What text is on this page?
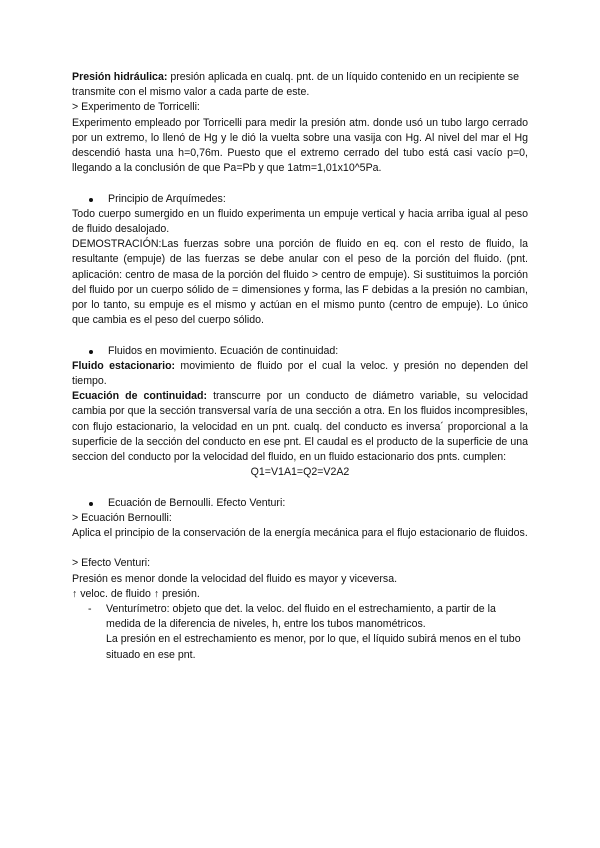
Presión hidráulica: presión aplicada en cualq. pnt. de un líquido contenido en un recipiente se transmite con el mismo valor a cada parte de este.

> Experimento de Torricelli:

Experimento empleado por Torricelli para medir la presión atm. donde usó un tubo largo cerrado por un extremo, lo llenó de Hg y le dió la vuelta sobre una vasija con Hg. Al nivel del mar el Hg descendió hasta una h=0,76m. Puesto que el extremo cerrado del tubo está casi vacío p=0, llegando a la conclusión de que Pa=Pb y que 1atm=1,01x10^5Pa.

Principio de Arquímedes:

Todo cuerpo sumergido en un fluido experimenta un empuje vertical y hacia arriba igual al peso de fluido desalojado.

DEMOSTRACIÓN:Las fuerzas sobre una porción de fluido en eq. con el resto de fluido, la resultante (empuje) de las fuerzas se debe anular con el peso de la porción del fluido. (pnt. aplicación: centro de masa de la porción del fluido > centro de empuje). Si sustituimos la porción del fluido por un cuerpo sólido de = dimensiones y forma, las F debidas a la presión no cambian, por lo tanto, su empuje es el mismo y actúan en el mismo punto (centro de empuje). Lo único que cambia es el peso del cuerpo sólido.

Fluidos en movimiento. Ecuación de continuidad:

Fluido estacionario: movimiento de fluido por el cual la veloc. y presión no dependen del tiempo.

Ecuación de continuidad: transcurre por un conducto de diámetro variable, su velocidad cambia por que la sección transversal varía de una sección a otra. En los fluidos incompresibles, con flujo estacionario, la velocidad en un pnt. cualq. del conducto es inversa´ proporcional a la superficie de la sección del conducto en ese pnt. El caudal es el producto de la superficie de una seccion del conducto por la velocidad del fluido, en un fluido estacionario dos pnts. cumplen:

Q1=V1A1=Q2=V2A2

Ecuación de Bernoulli. Efecto Venturi:

> Ecuación Bernoulli:

Aplica el principio de la conservación de la energía mecánica para el flujo estacionario de fluidos.

> Efecto Venturi:

Presión es menor donde la velocidad del fluido es mayor y viceversa.

↑ veloc. de fluido ↑ presión.

- Venturímetro: objeto que det. la veloc. del fluido en el estrechamiento, a partir de la medida de la diferencia de niveles, h, entre los tubos manométricos.

La presión en el estrechamiento es menor, por lo que, el líquido subirá menos en el tubo situado en ese pnt.
